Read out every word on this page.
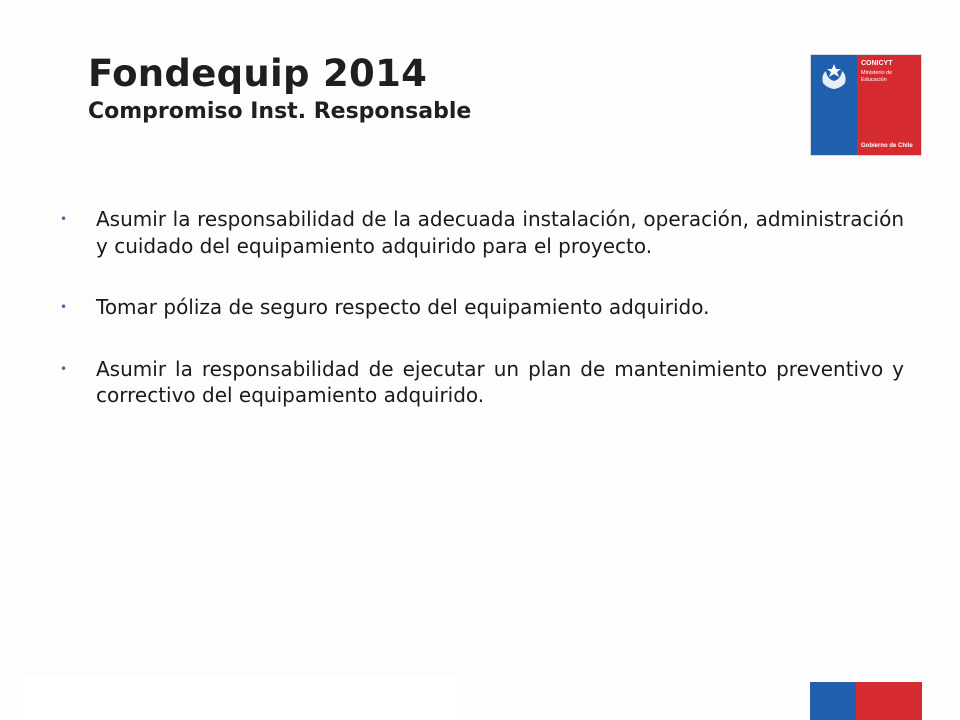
Fondequip 2014
Compromiso Inst. Responsable
CONICYT
Ministerio de
Educación
Gobierno de Chile
• Asumir la responsabilidad de la adecuada instalación, operación, administración y cuidado del equipamiento adquirido para el proyecto.
• Tomar póliza de seguro respecto del equipamiento adquirido.
• Asumir la responsabilidad de ejecutar un plan de mantenimiento preventivo y correctivo del equipamiento adquirido.
